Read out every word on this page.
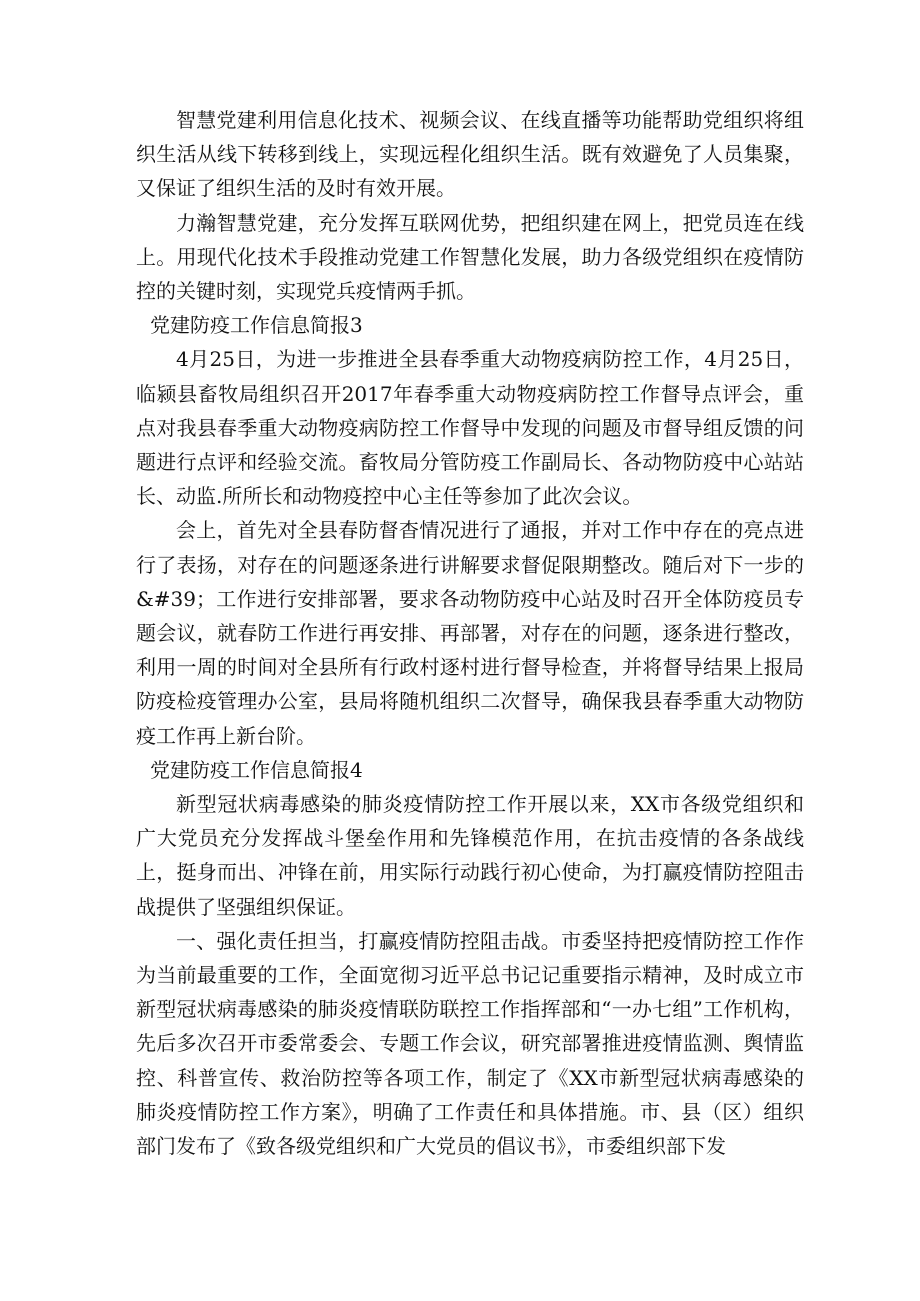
智慧党建利用信息化技术、视频会议、在线直播等功能帮助党组织将组织生活从线下转移到线上，实现远程化组织生活。既有效避免了人员集聚，又保证了组织生活的及时有效开展。

力瀚智慧党建，充分发挥互联网优势，把组织建在网上，把党员连在线上。用现代化技术手段推动党建工作智慧化发展，助力各级党组织在疫情防控的关键时刻，实现党兵疫情两手抓。

党建防疫工作信息简报3

4月25日，为进一步推进全县春季重大动物疫病防控工作，4月25日，临颍县畜牧局组织召开2017年春季重大动物疫病防控工作督导点评会，重点对我县春季重大动物疫病防控工作督导中发现的问题及市督导组反馈的问题进行点评和经验交流。畜牧局分管防疫工作副局长、各动物防疫中心站站长、动监.所所长和动物疫控中心主任等参加了此次会议。

会上，首先对全县春防督杳情况进行了通报，并对工作中存在的亮点进行了表扬，对存在的问题逐条进行讲解要求督促限期整改。随后对下一步的&#39；工作进行安排部署，要求各动物防疫中心站及时召开全体防疫员专题会议，就春防工作进行再安排、再部署，对存在的问题，逐条进行整改，利用一周的时间对全县所有行政村逐村进行督导检查，并将督导结果上报局防疫检疫管理办公室，县局将随机组织二次督导，确保我县春季重大动物防疫工作再上新台阶。

党建防疫工作信息简报4

新型冠状病毒感染的肺炎疫情防控工作开展以来，XX市各级党组织和广大党员充分发挥战斗堡垒作用和先锋模范作用，在抗击疫情的各条战线上，挺身而出、冲锋在前，用实际行动践行初心使命，为打赢疫情防控阻击战提供了坚强组织保证。

一、强化责任担当，打赢疫情防控阻击战。市委坚持把疫情防控工作作为当前最重要的工作，全面宽彻习近平总书记记重要指示精神，及时成立市新型冠状病毒感染的肺炎疫情联防联控工作指挥部和“一办七组”工作机构，先后多次召开市委常委会、专题工作会议，研究部署推进疫情监测、舆情监控、科普宣传、救治防控等各项工作，制定了《XX市新型冠状病毒感染的肺炎疫情防控工作方案》，明确了工作责任和具体措施。市、县（区）组织部门发布了《致各级党组织和广大党员的倡议书》，市委组织部下发
